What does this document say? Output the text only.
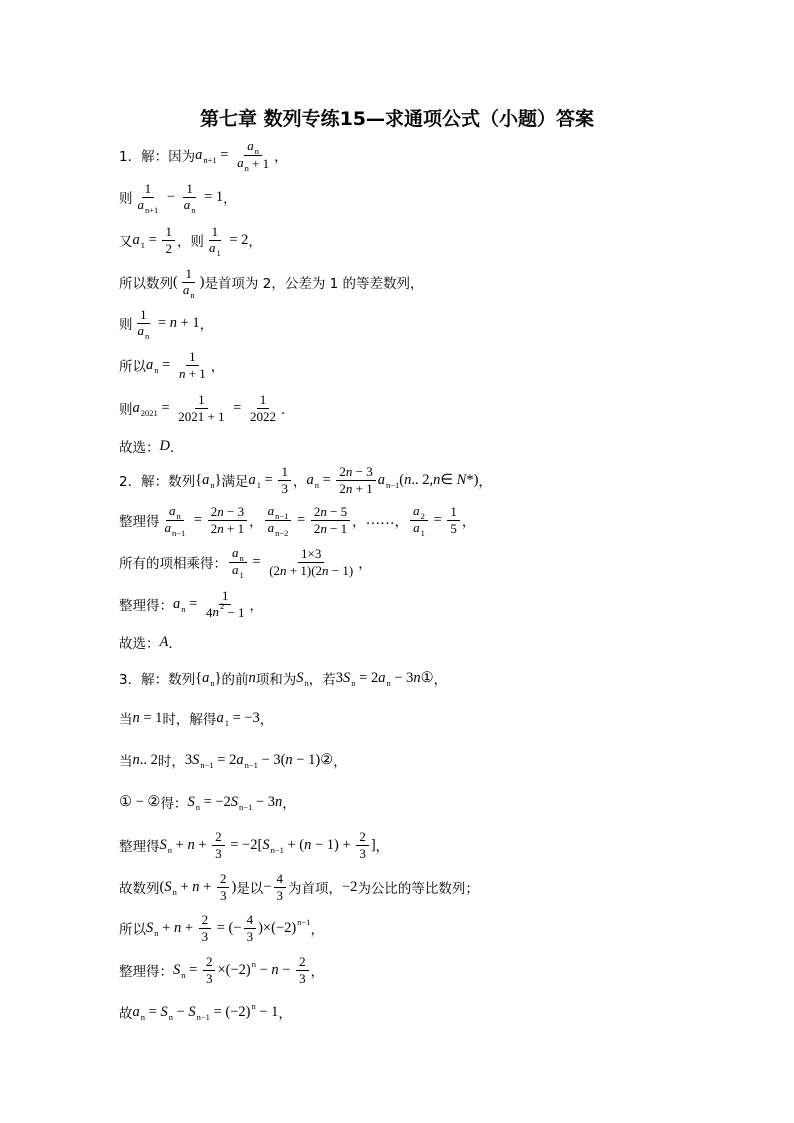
第七章 数列专练15—求通项公式（小题）答案
1．解：因为 $a_{n+1} = \frac{a_n}{a_n + 1}$ ，
则 $\frac{1}{a_{n+1}} - \frac{1}{a_n} = 1$ ，
又 $a_1 = \frac{1}{2}$ ，则 $\frac{1}{a_1} = 2$ ，
所以数列 ( $\frac{1}{a_n}$ ) 是首项为 2，公差为 1 的等差数列，
则 $\frac{1}{a_n} = n + 1$ ，
所以 $a_n = \frac{1}{n + 1}$ ，
则 $a_{2021} = \frac{1}{2021 + 1} = \frac{1}{2022}$ ．
故选： D ．
2．解：数列 { $a_n$ } 满足 $a_1 = \frac{1}{3}$ ， $a_n = \frac{2 n - 3}{2 n + 1} a_{n-1}$ ( n .. 2, n ∈ N *) ，
整理得 $\frac{a_n}{a_{n-1}} = \frac{2 n - 3}{2 n + 1}$ ， $\frac{a_{n-1}}{a_{n-2}} = \frac{2 n - 5}{2 n - 1}$ ， …… ， $\frac{a_2}{a_1} = \frac{1}{5}$ ，
所有的项相乘得： $\frac{a_n}{a_1} = \frac{1\times 3}{(2 n + 1)(2 n - 1)}$ ，
整理得： $a_n = \frac{1}{4 n^2 - 1}$ ，
故选： A ．
3．解：数列 { $a_n$ } 的前 n 项和为 $S_n$ ，若 3 $S_n = 2$ $a_n - 3$ n ① ，
当 n = 1 时，解得 $a_1 = -3$ ，
当 n .. 2 时， 3 $S_{n-1} = 2$ $a_{n-1} - 3$( n − 1)② ，
① − ② 得： $S_n = -2$ $S_{n-1} - 3$ n ，
整理得 $S_n + n + \frac{2}{3} = -2$[ $S_{n-1}$ + ( $n - 1) + \frac{2}{3}$ ] ，
故数列 ( $S_n + n + \frac{2}{3}$ ) 是以 − $\frac{4}{3}$ 为首项， −2 为公比的等比数列；
所以 $S_n + n + \frac{2}{3}$ = (− $\frac{4}{3} )\times(-2)^{n-1}$
，
整理得： $S_n = \frac{2}{3} \times(-2)^n - n - \frac{2}{3}$ ，
故 $a_n = S_n - S_{n-1} = (-2)^n - 1$ ，
